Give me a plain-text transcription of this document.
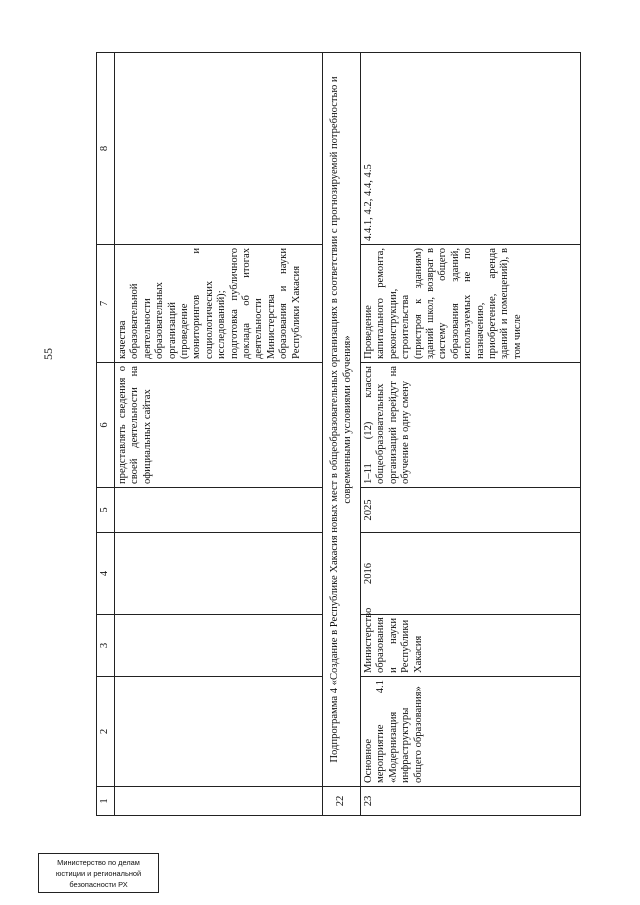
55
1	2	3	4	5	6	7	8
					представлять сведения о своей деятельности на официальных сайтах	качества образовательной деятельности образовательных организаций (проведение мониторингов и социологических исследований); подготовка публичного доклада об итогах деятельности Министерства образования и науки Республики Хакасия	
22	Подпрограмма 4 «Создание в Республике Хакасия новых мест в общеобразовательных организациях в соответствии с прогнозируемой потребностью и современными условиями обучения»						
23	Основное мероприятие 4.1 «Модернизация инфраструктуры общего образования»	Министерство образования и науки Республики Хакасия	2016	2025	1–11 (12) классы общеобразовательных организаций перейдут на обучение в одну смену	Проведение капитального ремонта, реконструкции, строительства (пристроя к зданиям) зданий школ, возврат в систему общего образования зданий, используемых не по назначению, приобретение, аренда зданий и помещений), в том числе	4.4.1, 4.2, 4.4, 4.5
Министерство по делам
юстиции и региональной
безопасности РХ
